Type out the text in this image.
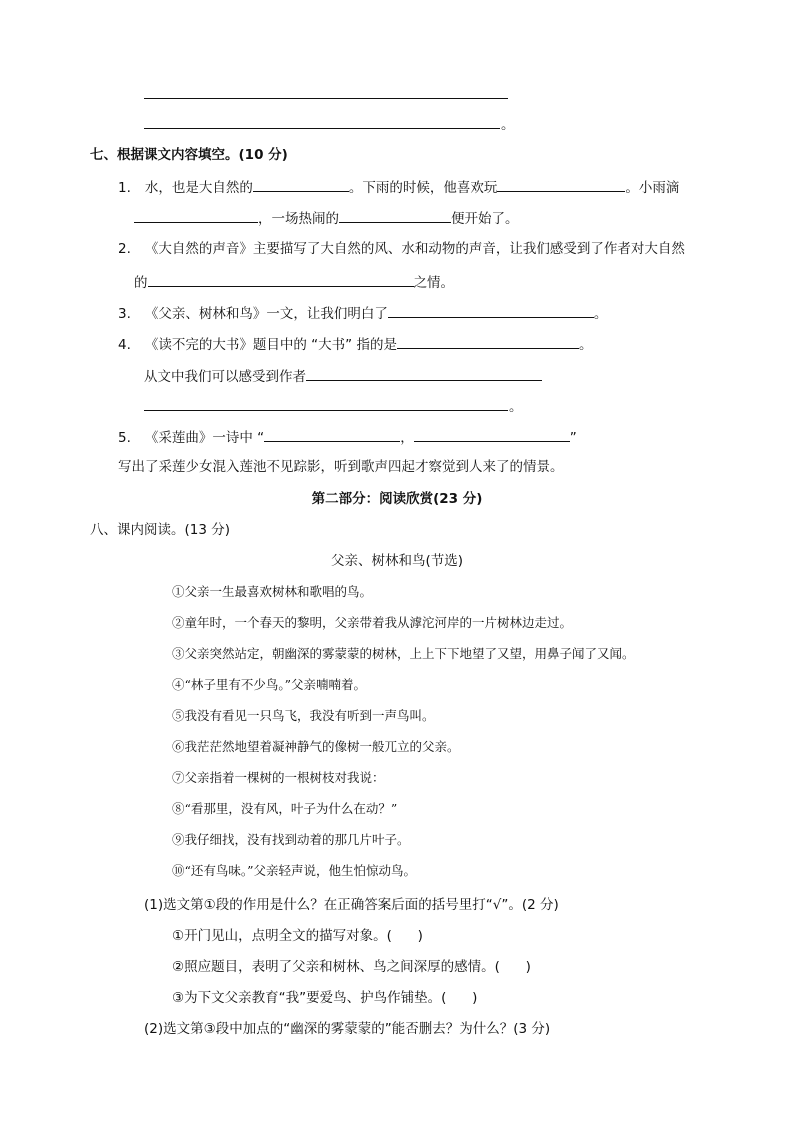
。
七、根据课文内容填空。(10 分)
1. 水，也是大自然的	。下雨的时候，他喜欢玩	。小雨滴
，一场热闹的	便开始了。
2. 《大自然的声音》主要描写了大自然的风、水和动物的声音，让我们感受到了作者对大自然
的	之情。
3. 《父亲、树林和鸟》一文，让我们明白了	。
4. 《读不完的大书》题目中的 “大书” 指的是	。
从文中我们可以感受到作者
。
5. 《采莲曲》一诗中 “	，	”
写出了采莲少女混入莲池不见踪影，听到歌声四起才察觉到人来了的情景。
第二部分：阅读欣赏(23 分)
八、课内阅读。(13 分)
父亲、树林和鸟(节选)
①父亲一生最喜欢树林和歌唱的鸟。
②童年时，一个春天的黎明，父亲带着我从滹沱河岸的一片树林边走过。
③父亲突然站定，朝幽深的雾蒙蒙的树林，上上下下地望了又望，用鼻子闻了又闻。
④“林子里有不少鸟。”父亲喃喃着。
⑤我没有看见一只鸟飞，我没有听到一声鸟叫。
⑥我茫茫然地望着凝神静气的像树一般兀立的父亲。
⑦父亲指着一棵树的一根树枝对我说：
⑧“看那里，没有风，叶子为什么在动？”
⑨我仔细找，没有找到动着的那几片叶子。
⑩“还有鸟味。”父亲轻声说，他生怕惊动鸟。
(1)选文第①段的作用是什么？在正确答案后面的括号里打“√”。(2 分)
①开门见山，点明全文的描写对象。(      )
②照应题目，表明了父亲和树林、鸟之间深厚的感情。(      )
③为下文父亲教育“我”要爱鸟、护鸟作铺垫。(      )
(2)选文第③段中加点的“幽深的雾蒙蒙的”能否删去？为什么？(3 分)
